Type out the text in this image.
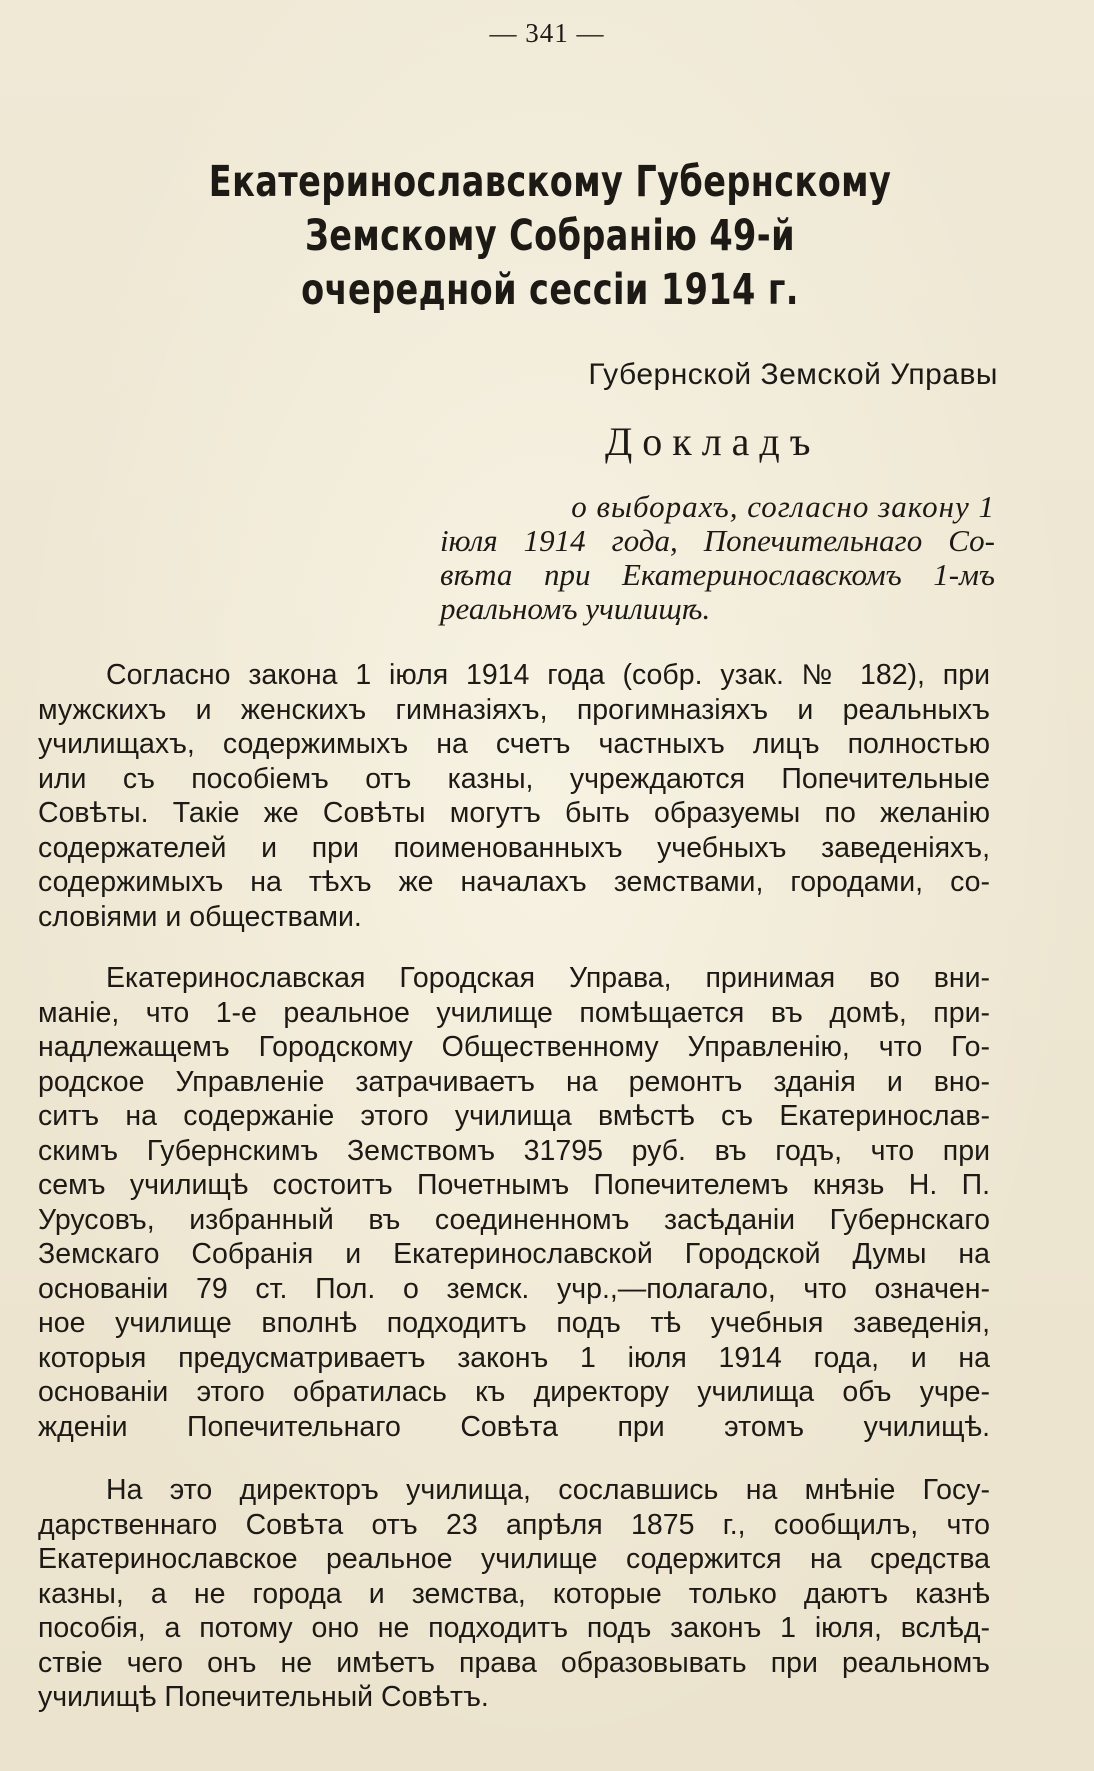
— 341 —
Екатеринославскому Губернскому Земскому Собранію 49-й
очередной сессіи 1914 г.
Губернской Земской Управы
Докладъ
о выборахъ, согласно закону 1
іюля 1914 года, Попечительнаго Со-
вѣта при Екатеринославскомъ 1-мъ
реальномъ училищѣ.
Согласно закона 1 іюля 1914 года (собр. узак. № 182), при
мужскихъ и женскихъ гимназіяхъ, прогимназіяхъ и реальныхъ
училищахъ, содержимыхъ на счетъ частныхъ лицъ полностью
или съ пособіемъ отъ казны, учреждаются Попечительные
Совѣты. Такіе же Совѣты могутъ быть образуемы по желанію
содержателей и при поименованныхъ учебныхъ заведеніяхъ,
содержимыхъ на тѣхъ же началахъ земствами, городами, со-
словіями и обществами.
Екатеринославская Городская Управа, принимая во вни-
маніе, что 1-е реальное училище помѣщается въ домѣ, при-
надлежащемъ Городскому Общественному Управленію, что Го-
родское Управленіе затрачиваетъ на ремонтъ зданія и вно-
ситъ на содержаніе этого училища вмѣстѣ съ Екатеринослав-
скимъ Губернскимъ Земствомъ 31795 руб. въ годъ, что при
семъ училищѣ состоитъ Почетнымъ Попечителемъ князь Н. П.
Урусовъ, избранный въ соединенномъ засѣданіи Губернскаго
Земскаго Собранія и Екатеринославской Городской Думы на
основаніи 79 ст. Пол. о земск. учр.,—полагало, что означен-
ное училище вполнѣ подходитъ подъ тѣ учебныя заведенія,
которыя предусматриваетъ законъ 1 іюля 1914 года, и на
основаніи этого обратилась къ директору училища объ учре-
жденіи Попечительнаго Совѣта при этомъ училищѣ.
На это директоръ училища, сославшись на мнѣніе Госу-
дарственнаго Совѣта отъ 23 апрѣля 1875 г., сообщилъ, что
Екатеринославское реальное училище содержится на средства
казны, а не города и земства, которые только даютъ казнѣ
пособія, а потому оно не подходитъ подъ законъ 1 іюля, вслѣд-
ствіе чего онъ не имѣетъ права образовывать при реальномъ
училищѣ Попечительный Совѣтъ.
